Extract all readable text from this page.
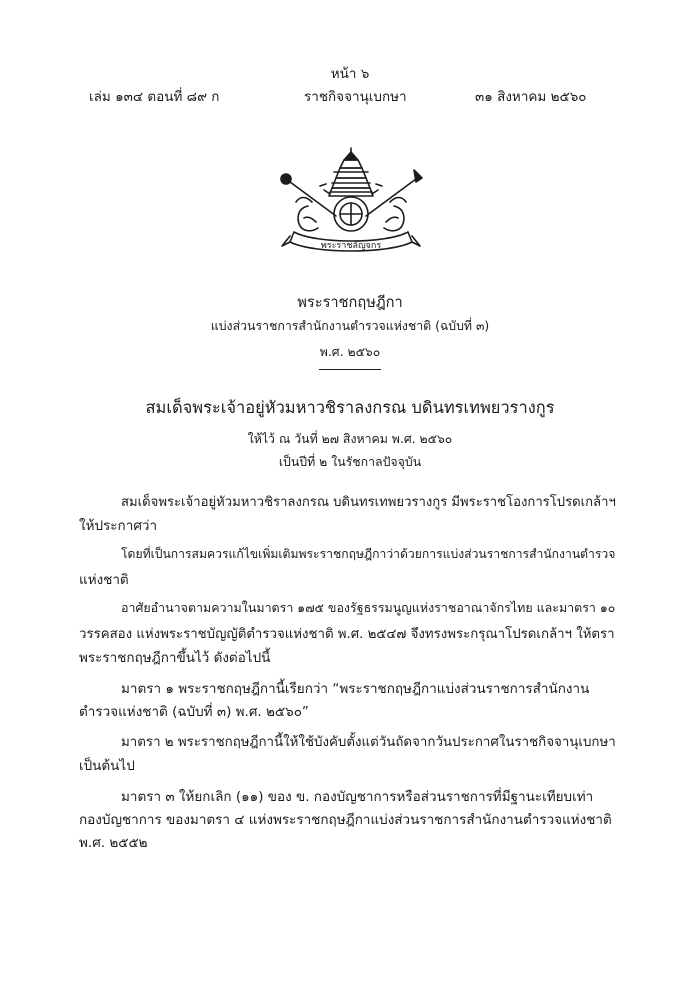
หน้า ๖
เล่ม ๑๓๔ ตอนที่ ๘๙ ก	ราชกิจจานุเบกษา	๓๑ สิงหาคม ๒๕๖๐
พระราชลัญจกร
พระราชกฤษฎีกา
แบ่งส่วนราชการสำนักงานตำรวจแห่งชาติ (ฉบับที่ ๓)
พ.ศ. ๒๕๖๐
สมเด็จพระเจ้าอยู่หัวมหาวชิราลงกรณ บดินทรเทพยวรางกูร
ให้ไว้ ณ วันที่ ๒๗ สิงหาคม พ.ศ. ๒๕๖๐
เป็นปีที่ ๒ ในรัชกาลปัจจุบัน
สมเด็จพระเจ้าอยู่หัวมหาวชิราลงกรณ บดินทรเทพยวรางกูร มีพระราชโองการโปรดเกล้าฯ
ให้ประกาศว่า
โดยที่เป็นการสมควรแก้ไขเพิ่มเติมพระราชกฤษฎีกาว่าด้วยการแบ่งส่วนราชการสำนักงานตำรวจ
แห่งชาติ
อาศัยอำนาจตามความในมาตรา ๑๗๕ ของรัฐธรรมนูญแห่งราชอาณาจักรไทย และมาตรา ๑๐
วรรคสอง แห่งพระราชบัญญัติตำรวจแห่งชาติ พ.ศ. ๒๕๔๗ จึงทรงพระกรุณาโปรดเกล้าฯ ให้ตรา
พระราชกฤษฎีกาขึ้นไว้ ดังต่อไปนี้
มาตรา ๑ พระราชกฤษฎีกานี้เรียกว่า “พระราชกฤษฎีกาแบ่งส่วนราชการสำนักงาน
ตำรวจแห่งชาติ (ฉบับที่ ๓) พ.ศ. ๒๕๖๐”
มาตรา ๒ พระราชกฤษฎีกานี้ให้ใช้บังคับตั้งแต่วันถัดจากวันประกาศในราชกิจจานุเบกษา
เป็นต้นไป
มาตรา ๓ ให้ยกเลิก (๑๑) ของ ข. กองบัญชาการหรือส่วนราชการที่มีฐานะเทียบเท่า
กองบัญชาการ ของมาตรา ๔ แห่งพระราชกฤษฎีกาแบ่งส่วนราชการสำนักงานตำรวจแห่งชาติ
พ.ศ. ๒๕๕๒
